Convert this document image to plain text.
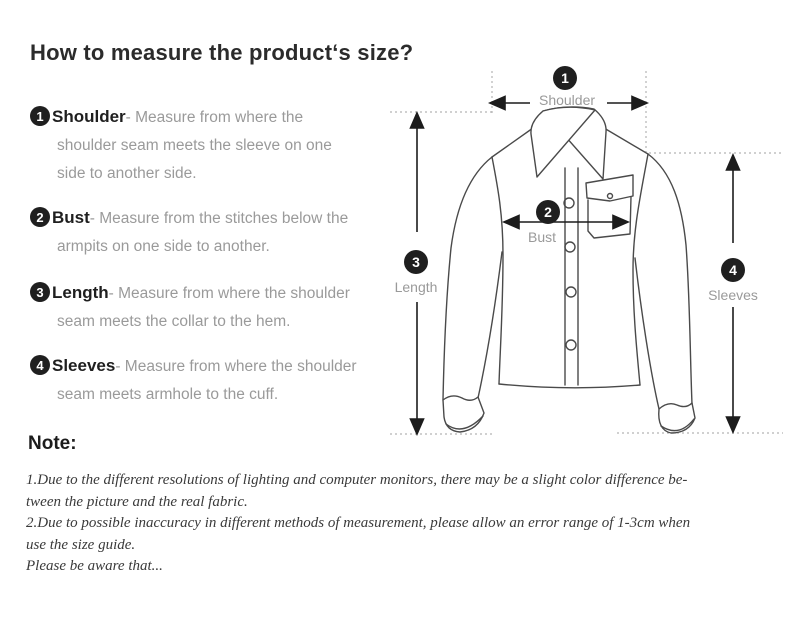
How to measure the product‘s size?
1 Shoulder- Measure from where the
shoulder seam meets the sleeve on one
side to another side.
2 Bust- Measure from the stitches below the
armpits on one side to another.
3 Length- Measure from where the shoulder
seam meets the collar to the hem.
4 Sleeves- Measure from where the shoulder
seam meets armhole to the cuff.
1
Shoulder
2
Bust
3
Length
4
Sleeves
Note:
1.Due to the different resolutions of lighting and computer monitors, there may be a slight color difference be-
tween the picture and the real fabric.
2.Due to possible inaccuracy in different methods of measurement, please allow an error range of 1-3cm when
use the size guide.
Please be aware that...
